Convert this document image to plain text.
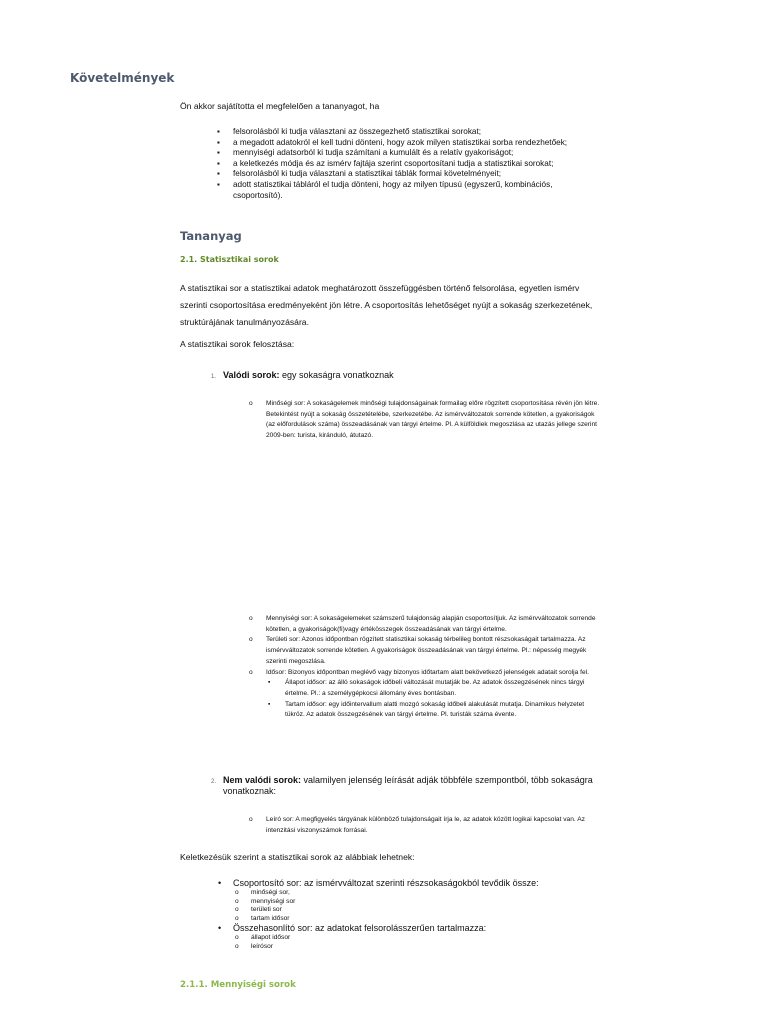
Követelmények

Ön akkor sajátította el megfelelően a tananyagot, ha

▪ felsorolásból ki tudja választani az összegezhető statisztikai sorokat;
▪ a megadott adatokról el kell tudni dönteni, hogy azok milyen statisztikai sorba rendezhetőek;
▪ mennyiségi adatsorból ki tudja számítani a kumulált és a relatív gyakoriságot;
▪ a keletkezés módja és az ismérv fajtája szerint csoportosítani tudja a statisztikai sorokat;
▪ felsorolásból ki tudja választani a statisztikai táblák formai követelményeit;
▪ adott statisztikai tábláról el tudja dönteni, hogy az milyen típusú (egyszerű, kombinációs, csoportosító).
Tananyag
2.1. Statisztikai sorok

A statisztikai sor a statisztikai adatok meghatározott összefüggésben történő felsorolása, egyetlen ismérv szerinti csoportosítása eredményeként jön létre. A csoportosítás lehetőséget nyújt a sokaság szerkezetének, struktúrájának tanulmányozására.

A statisztikai sorok felosztása:

1. Valódi sorok: egy sokaságra vonatkoznak

o Minőségi sor: A sokaságelemek minőségi tulajdonságainak formailag előre rögzített csoportosítása révén jön létre. Betekintést nyújt a sokaság összetételébe, szerkezetébe. Az ismérvváltozatok sorrende kötetlen, a gyakoriságok (az előfordulások száma) összeadásának van tárgyi értelme. Pl. A külföldiek megoszlása az utazás jellege szerint 2009-ben: turista, kiránduló, átutazó.
o Mennyiségi sor: A sokaságelemeket számszerű tulajdonság alapján csoportosítjuk. Az ismérvváltozatok sorrende kötetlen, a gyakoriságok(fi)vagy értékösszegek összeadásának van tárgyi értelme.
o Területi sor: Azonos időpontban rögzített statisztikai sokaság térbelileg bontott részsokaságait tartalmazza. Az ismérvváltozatok sorrende kötetlen. A gyakoriságok összeadásának van tárgyi értelme. Pl.: népesség megyék szerinti megoszlása.
o Idősor: Bizonyos időpontban meglévő vagy bizonyos időtartam alatt bekövetkező jelenségek adatait sorolja fel.
▪ Állapot idősor: az álló sokaságok időbeli változását mutatják be. Az adatok összegzésének nincs tárgyi értelme. Pl.: a személygépkocsi állomány éves bontásban.
▪ Tartam idősor: egy időintervallum alatti mozgó sokaság időbeli alakulását mutatja. Dinamikus helyzetet tükröz. Az adatok összegzésének van tárgyi értelme. Pl. turisták száma évente.
2. Nem valódi sorok: valamilyen jelenség leírását adják többféle szempontból, több sokaságra vonatkoznak:

o Leíró sor: A megfigyelés tárgyának különböző tulajdonságait írja le, az adatok között logikai kapcsolat van. Az intenzitási viszonyszámok forrásai.

Keletkezésük szerint a statisztikai sorok az alábbiak lehetnek:

• Csoportosító sor: az ismérvváltozat szerinti részsokaságokból tevődik össze:
o minőségi sor,
o mennyiségi sor
o területi sor
o tartam idősor
• Összehasonlító sor: az adatokat felsorolásszerűen tartalmazza:
o állapot idősor
o leírósor
2.1.1. Mennyiségi sorok
